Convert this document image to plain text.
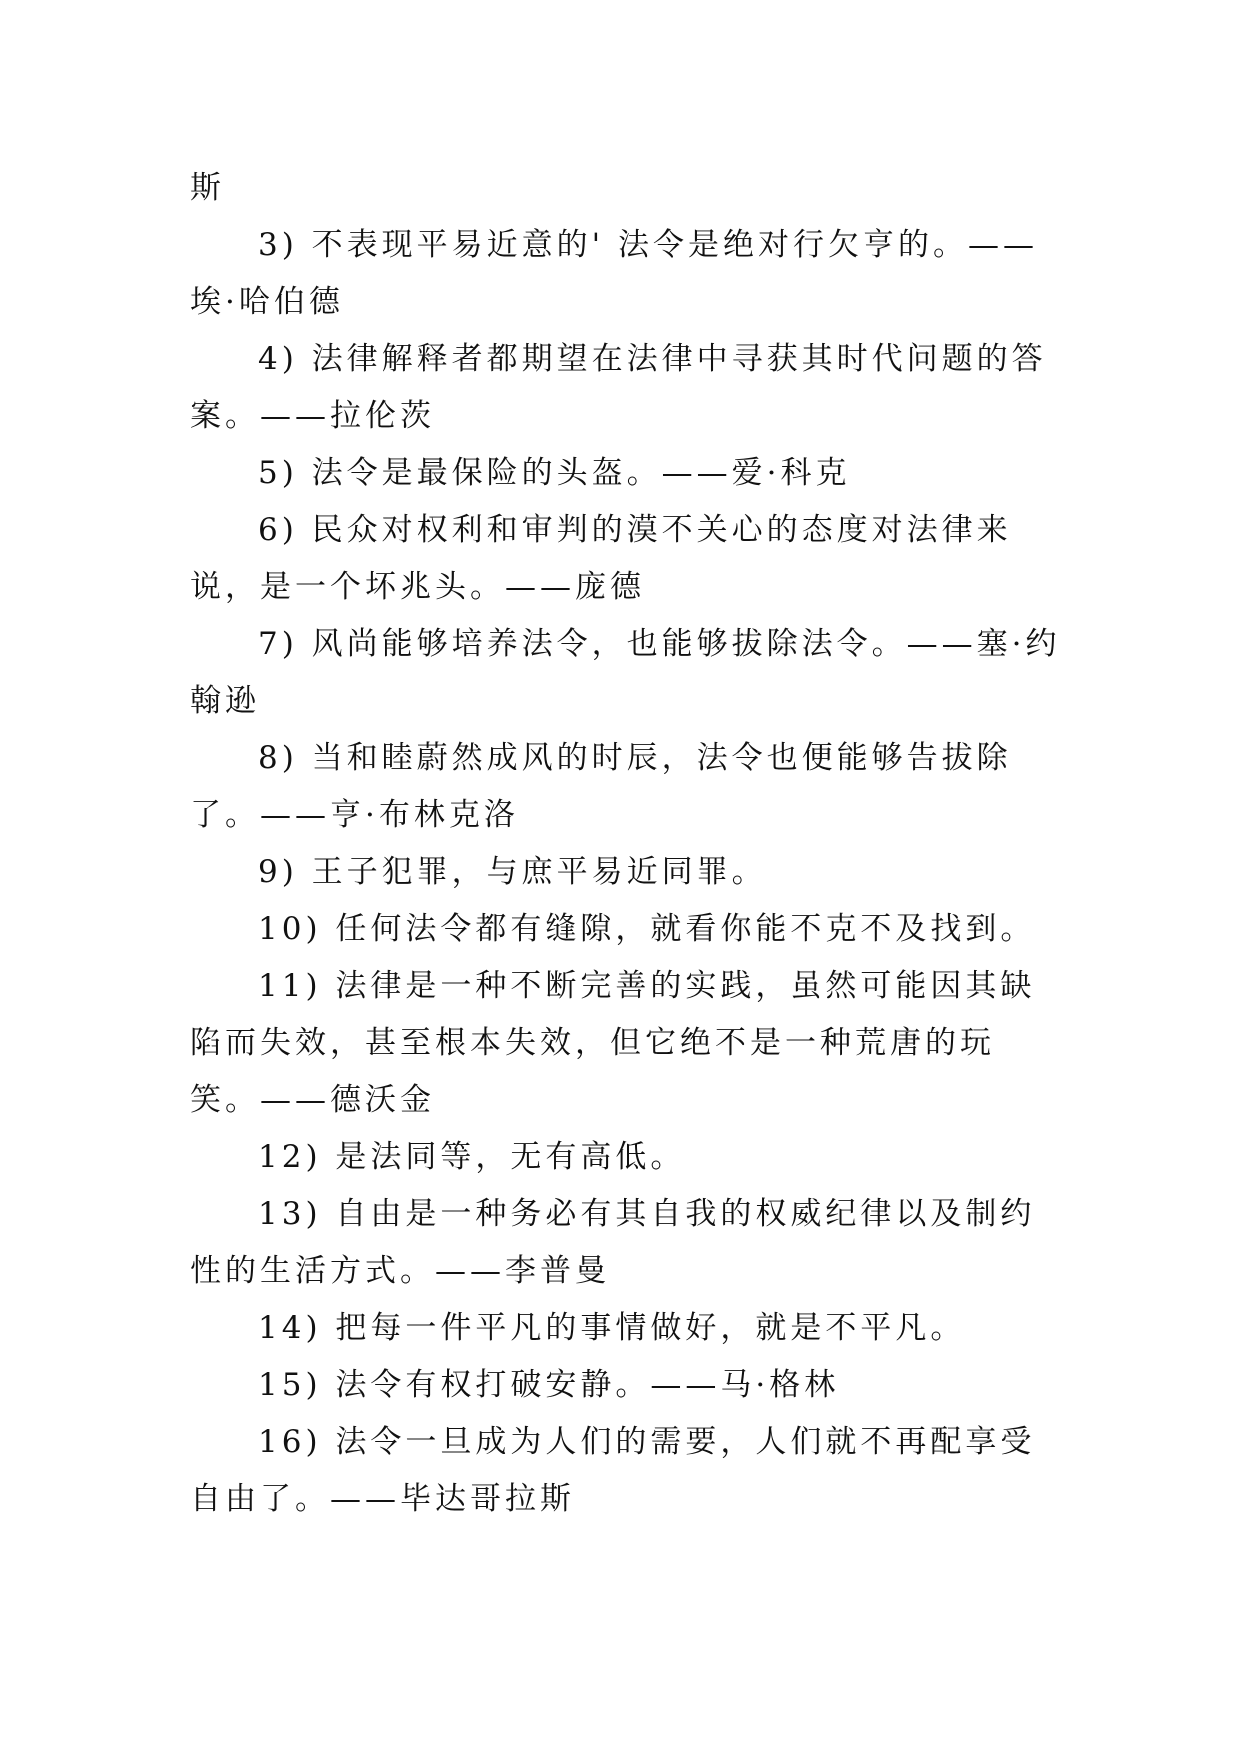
斯

3) 不表现平易近意的' 法令是绝对行欠亨的。——埃·哈伯德

4) 法律解释者都期望在法律中寻获其时代问题的答案。——拉伦茨

5) 法令是最保险的头盔。——爱·科克

6) 民众对权利和审判的漠不关心的态度对法律来说，是一个坏兆头。——庞德

7) 风尚能够培养法令，也能够拔除法令。——塞·约翰逊

8) 当和睦蔚然成风的时辰，法令也便能够告拔除了。——亨·布林克洛

9) 王子犯罪，与庶平易近同罪。

10) 任何法令都有缝隙，就看你能不克不及找到。

11) 法律是一种不断完善的实践，虽然可能因其缺陷而失效，甚至根本失效，但它绝不是一种荒唐的玩笑。——德沃金

12) 是法同等，无有高低。

13) 自由是一种务必有其自我的权威纪律以及制约性的生活方式。——李普曼

14) 把每一件平凡的事情做好，就是不平凡。

15) 法令有权打破安静。——马·格林

16) 法令一旦成为人们的需要，人们就不再配享受自由了。——毕达哥拉斯
